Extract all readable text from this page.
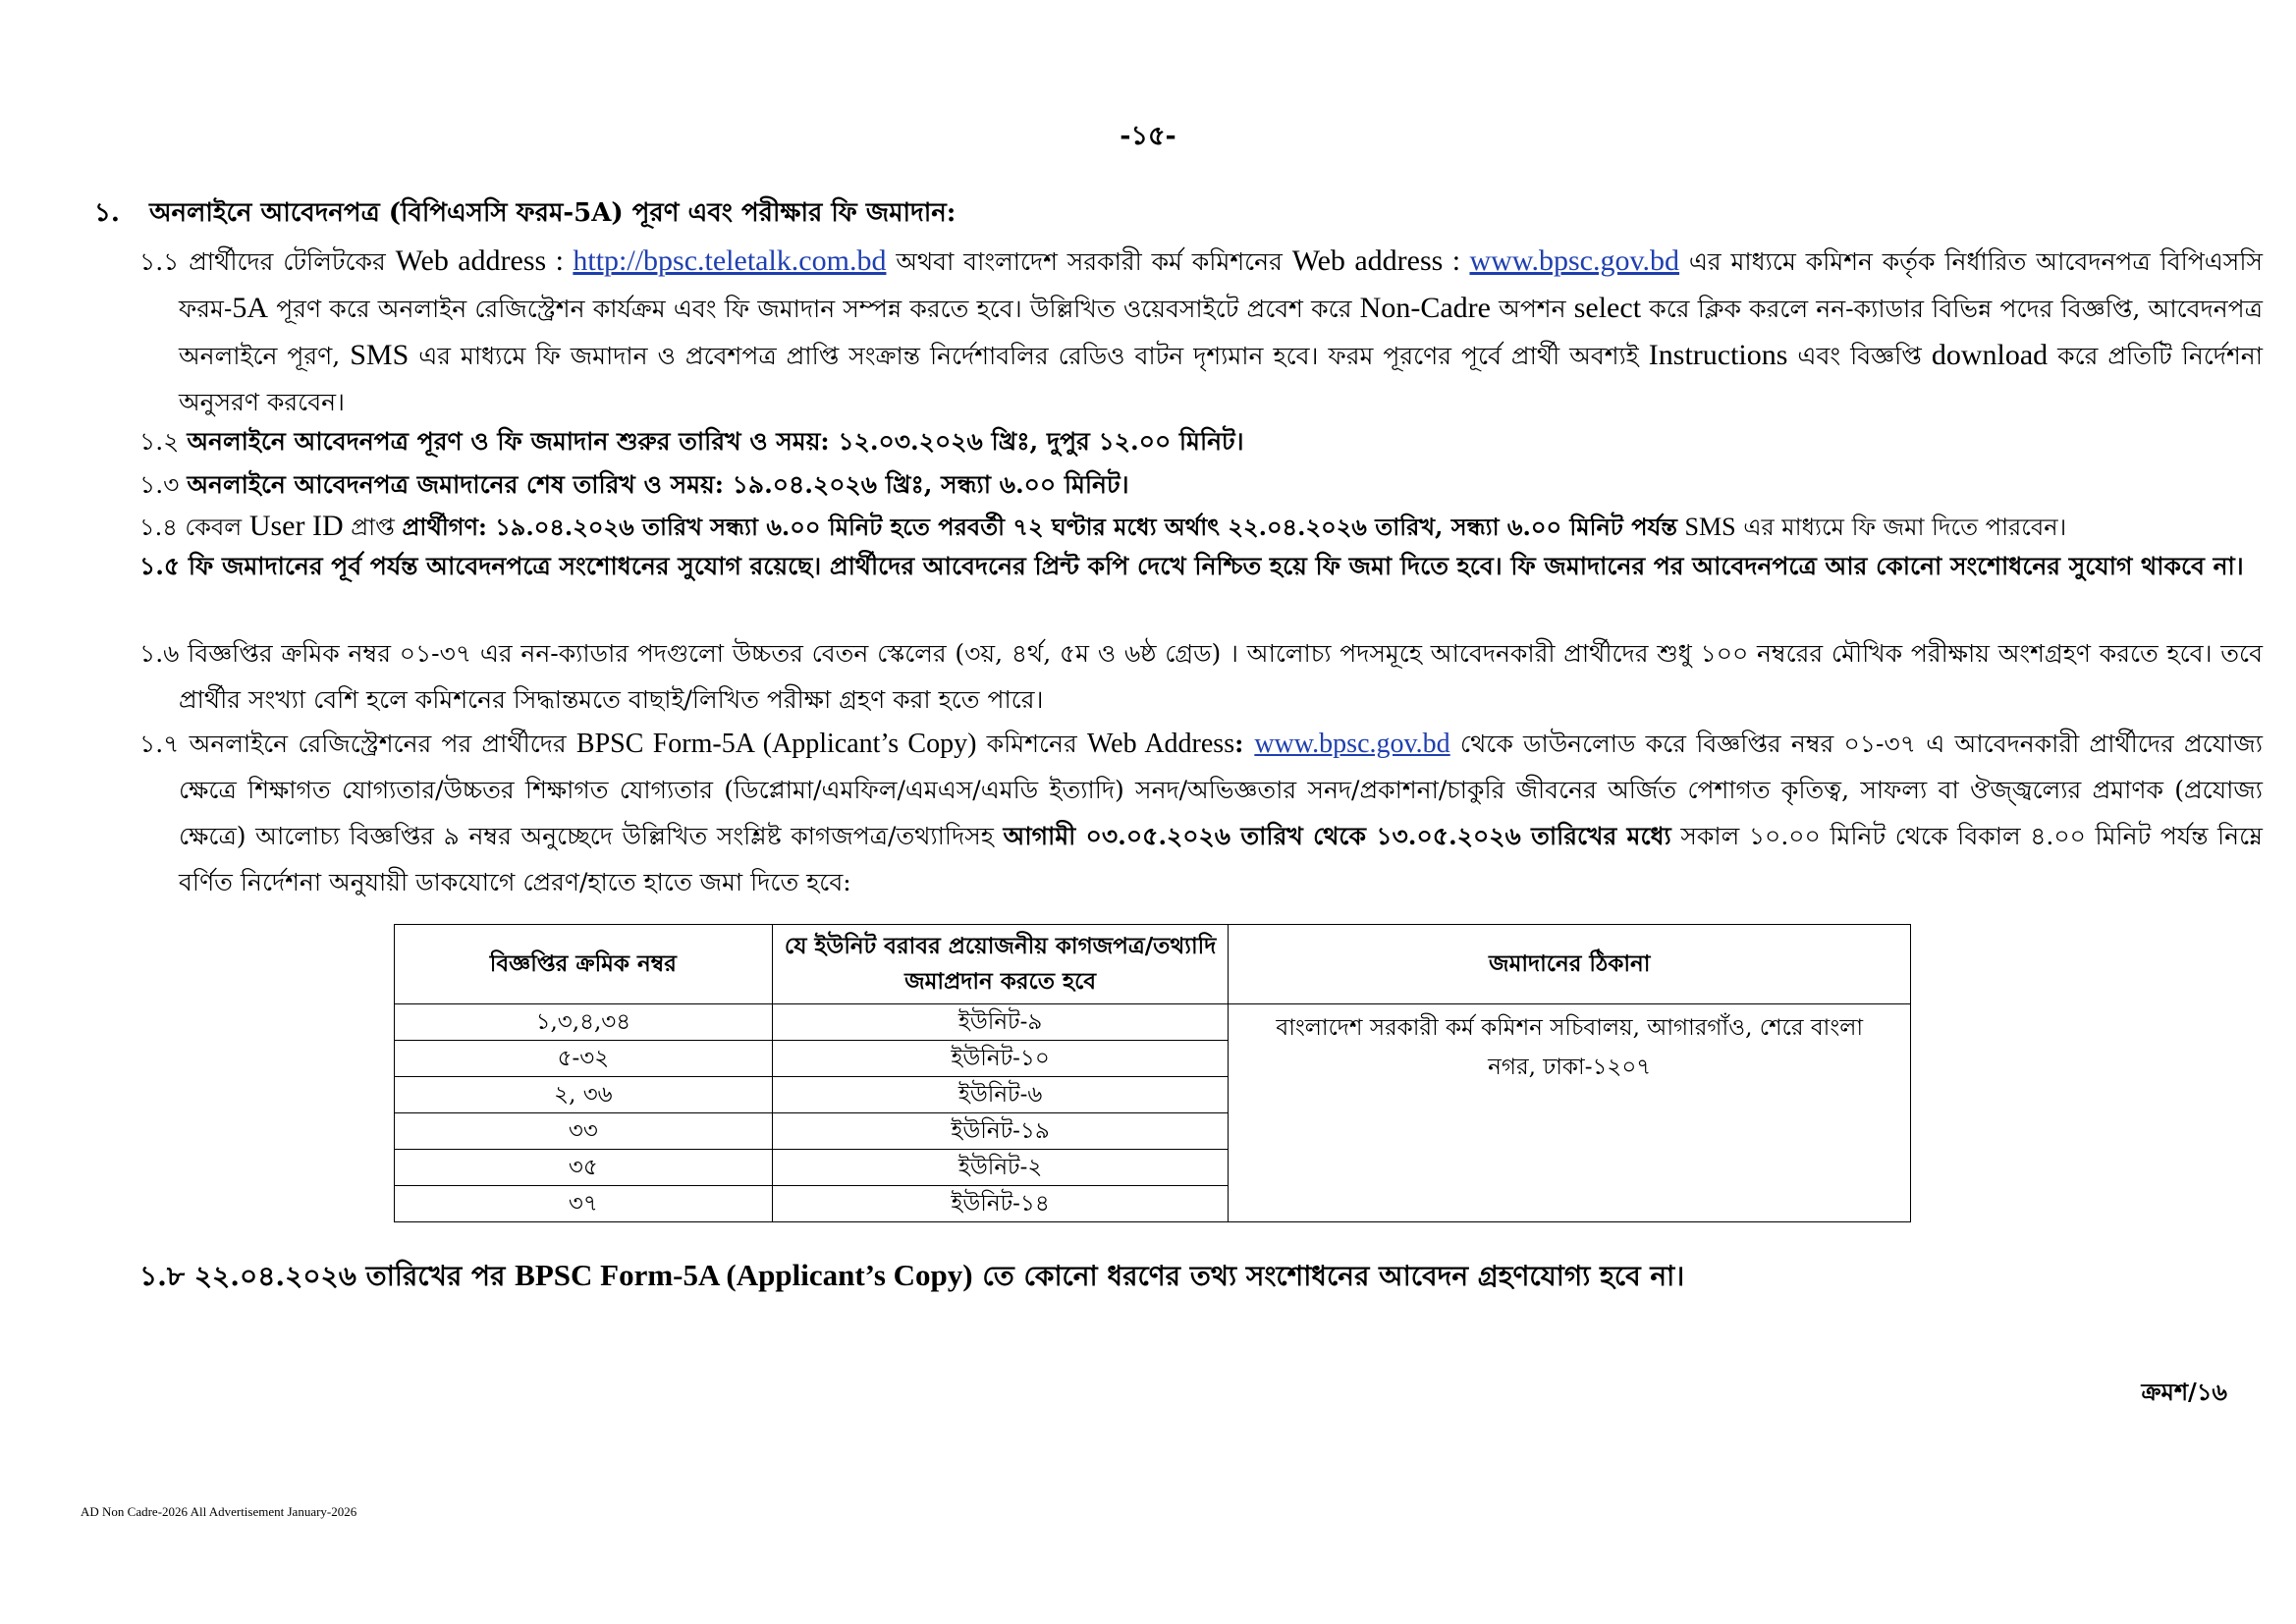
-১৫-
১. অনলাইনে আবেদনপত্র (বিপিএসসি ফরম-5A) পূরণ এবং পরীক্ষার ফি জমাদান:
১.১ প্রার্থীদের টেলিটকের Web address : http://bpsc.teletalk.com.bd অথবা বাংলাদেশ সরকারী কর্ম কমিশনের Web address : www.bpsc.gov.bd এর মাধ্যমে কমিশন কর্তৃক নির্ধারিত আবেদনপত্র বিপিএসসি ফরম-5A পূরণ করে অনলাইন রেজিস্ট্রেশন কার্যক্রম এবং ফি জমাদান সম্পন্ন করতে হবে। উল্লিখিত ওয়েবসাইটে প্রবেশ করে Non-Cadre অপশন select করে ক্লিক করলে নন-ক্যাডার বিভিন্ন পদের বিজ্ঞপ্তি, আবেদনপত্র অনলাইনে পূরণ, SMS এর মাধ্যমে ফি জমাদান ও প্রবেশপত্র প্রাপ্তি সংক্রান্ত নির্দেশাবলির রেডিও বাটন দৃশ্যমান হবে। ফরম পূরণের পূর্বে প্রার্থী অবশ্যই Instructions এবং বিজ্ঞপ্তি download করে প্রতিটি নির্দেশনা অনুসরণ করবেন।
১.২ অনলাইনে আবেদনপত্র পূরণ ও ফি জমাদান শুরুর তারিখ ও সময়: ১২.০৩.২০২৬ খ্রিঃ, দুপুর ১২.০০ মিনিট।
১.৩ অনলাইনে আবেদনপত্র জমাদানের শেষ তারিখ ও সময়: ১৯.০৪.২০২৬ খ্রিঃ, সন্ধ্যা ৬.০০ মিনিট।
১.৪ কেবল User ID প্রাপ্ত প্রার্থীগণ: ১৯.০৪.২০২৬ তারিখ সন্ধ্যা ৬.০০ মিনিট হতে পরবর্তী ৭২ ঘণ্টার মধ্যে অর্থাৎ ২২.০৪.২০২৬ তারিখ, সন্ধ্যা ৬.০০ মিনিট পর্যন্ত SMS এর মাধ্যমে ফি জমা দিতে পারবেন।
১.৫ ফি জমাদানের পূর্ব পর্যন্ত আবেদনপত্রে সংশোধনের সুযোগ রয়েছে। প্রার্থীদের আবেদনের প্রিন্ট কপি দেখে নিশ্চিত হয়ে ফি জমা দিতে হবে। ফি জমাদানের পর আবেদনপত্রে আর কোনো সংশোধনের সুযোগ থাকবে না।
১.৬ বিজ্ঞপ্তির ক্রমিক নম্বর ০১-৩৭ এর নন-ক্যাডার পদগুলো উচ্চতর বেতন স্কেলের (৩য়, ৪র্থ, ৫ম ও ৬ষ্ঠ গ্রেড) । আলোচ্য পদসমূহে আবেদনকারী প্রার্থীদের শুধু ১০০ নম্বরের মৌখিক পরীক্ষায় অংশগ্রহণ করতে হবে। তবে প্রার্থীর সংখ্যা বেশি হলে কমিশনের সিদ্ধান্তমতে বাছাই/লিখিত পরীক্ষা গ্রহণ করা হতে পারে।
১.৭ অনলাইনে রেজিস্ট্রেশনের পর প্রার্থীদের BPSC Form-5A (Applicant’s Copy) কমিশনের Web Address: www.bpsc.gov.bd থেকে ডাউনলোড করে বিজ্ঞপ্তির নম্বর ০১-৩৭ এ আবেদনকারী প্রার্থীদের প্রযোজ্য ক্ষেত্রে শিক্ষাগত যোগ্যতার/উচ্চতর শিক্ষাগত যোগ্যতার (ডিপ্লোমা/এমফিল/এমএস/এমডি ইত্যাদি) সনদ/অভিজ্ঞতার সনদ/প্রকাশনা/চাকুরি জীবনের অর্জিত পেশাগত কৃতিত্ব, সাফল্য বা ঔজ্জ্বল্যের প্রমাণক (প্রযোজ্য ক্ষেত্রে) আলোচ্য বিজ্ঞপ্তির ৯ নম্বর অনুচ্ছেদে উল্লিখিত সংশ্লিষ্ট কাগজপত্র/তথ্যাদিসহ আগামী ০৩.০৫.২০২৬ তারিখ থেকে ১৩.০৫.২০২৬ তারিখের মধ্যে সকাল ১০.০০ মিনিট থেকে বিকাল ৪.০০ মিনিট পর্যন্ত নিম্নে বর্ণিত নির্দেশনা অনুযায়ী ডাকযোগে প্রেরণ/হাতে হাতে জমা দিতে হবে:
বিজ্ঞপ্তির ক্রমিক নম্বর	যে ইউনিট বরাবর প্রয়োজনীয় কাগজপত্র/তথ্যাদি জমাপ্রদান করতে হবে	জমাদানের ঠিকানা
১,৩,৪,৩৪	ইউনিট-৯	বাংলাদেশ সরকারী কর্ম কমিশন সচিবালয়, আগারগাঁও, শেরে বাংলা নগর, ঢাকা-১২০৭
৫-৩২	ইউনিট-১০	
২, ৩৬	ইউনিট-৬	
৩৩	ইউনিট-১৯	
৩৫	ইউনিট-২	
৩৭	ইউনিট-১৪	
১.৮ ২২.০৪.২০২৬ তারিখের পর BPSC Form-5A (Applicant’s Copy) তে কোনো ধরণের তথ্য সংশোধনের আবেদন গ্রহণযোগ্য হবে না।
ক্রমশ/১৬
AD Non Cadre-2026 All Advertisement January-2026
